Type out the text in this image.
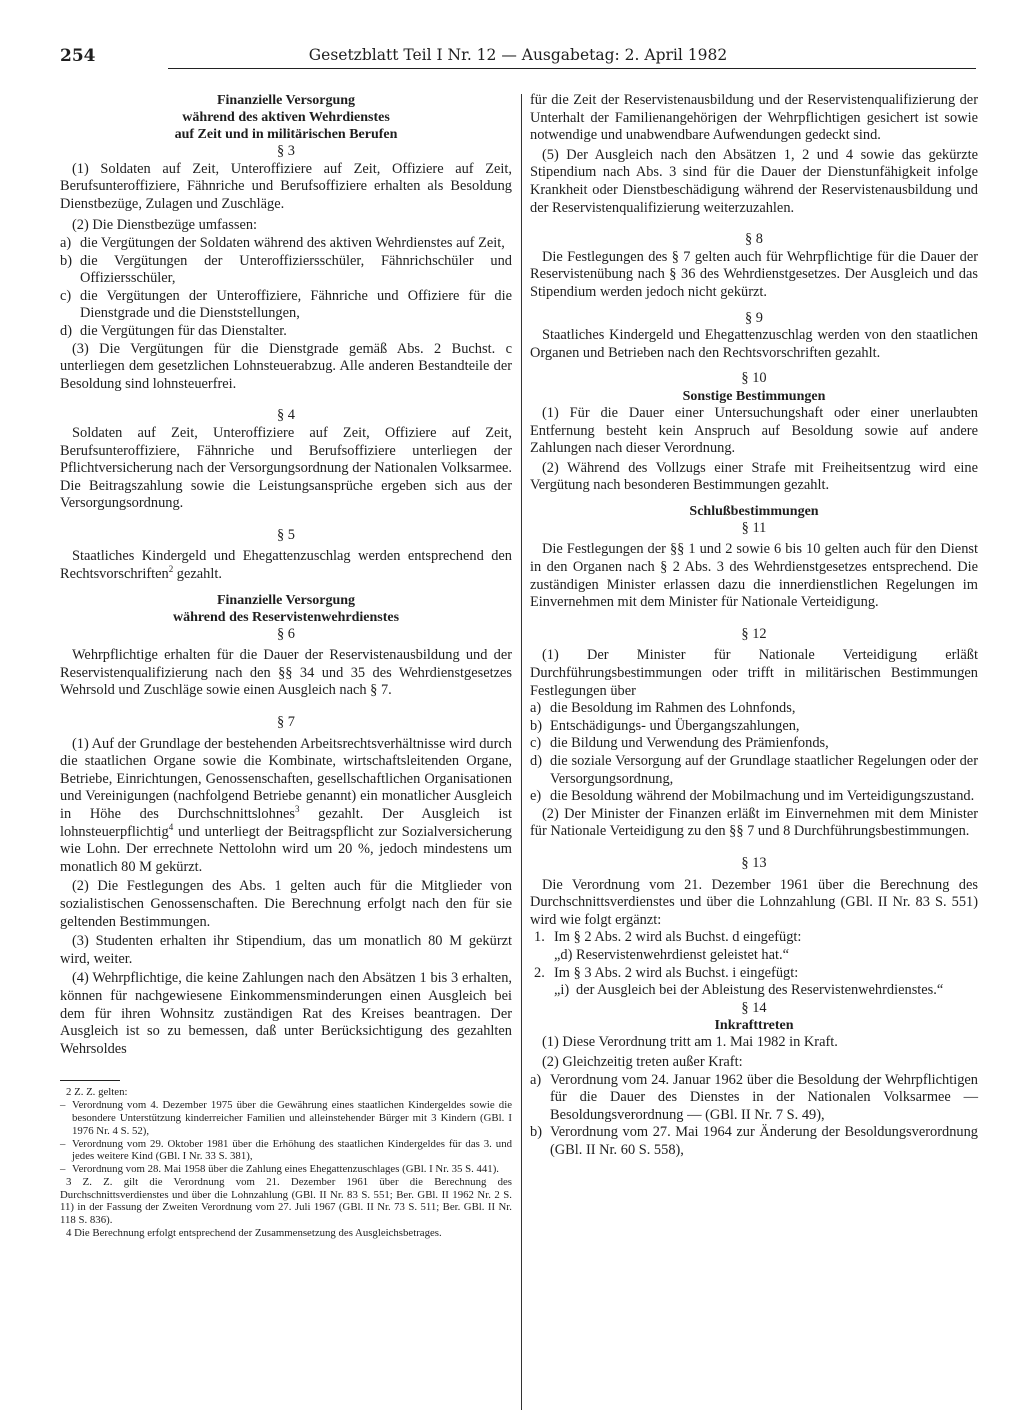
254	Gesetzblatt Teil I Nr. 12 — Ausgabetag: 2. April 1982
Finanzielle Versorgung
während des aktiven Wehrdienstes
auf Zeit und in militärischen Berufen
§ 3

(1) Soldaten auf Zeit, Unteroffiziere auf Zeit, Offiziere auf Zeit, Berufsunteroffiziere, Fähnriche und Berufsoffiziere erhalten als Besoldung Dienstbezüge, Zulagen und Zuschläge.

(2) Die Dienstbezüge umfassen:

a) die Vergütungen der Soldaten während des aktiven Wehrdienstes auf Zeit,
b) die Vergütungen der Unteroffiziersschüler, Fähnrichschüler und Offiziersschüler,
c) die Vergütungen der Unteroffiziere, Fähnriche und Offiziere für die Dienstgrade und die Dienststellungen,
d) die Vergütungen für das Dienstalter.

(3) Die Vergütungen für die Dienstgrade gemäß Abs. 2 Buchst. c unterliegen dem gesetzlichen Lohnsteuerabzug. Alle anderen Bestandteile der Besoldung sind lohnsteuerfrei.

§ 4

Soldaten auf Zeit, Unteroffiziere auf Zeit, Offiziere auf Zeit, Berufsunteroffiziere, Fähnriche und Berufsoffiziere unterliegen der Pflichtversicherung nach der Versorgungsordnung der Nationalen Volksarmee. Die Beitragszahlung sowie die Leistungsansprüche ergeben sich aus der Versorgungsordnung.

§ 5

Staatliches Kindergeld und Ehegattenzuschlag werden entsprechend den Rechtsvorschriften$^2$ gezahlt.

Finanzielle Versorgung
während des Reservistenwehrdienstes
§ 6

Wehrpflichtige erhalten für die Dauer der Reservistenausbildung und der Reservistenqualifizierung nach den §§ 34 und 35 des Wehrdienstgesetzes Wehrsold und Zuschläge sowie einen Ausgleich nach § 7.

§ 7

(1) Auf der Grundlage der bestehenden Arbeitsrechtsverhältnisse wird durch die staatlichen Organe sowie die Kombinate, wirtschaftsleitenden Organe, Betriebe, Einrichtungen, Genossenschaften, gesellschaftlichen Organisationen und Vereinigungen (nachfolgend Betriebe genannt) ein monatlicher Ausgleich in Höhe des Durchschnittslohnes$^3$ gezahlt. Der Ausgleich ist lohnsteuerpflichtig$^4$ und unterliegt der Beitragspflicht zur Sozialversicherung wie Lohn. Der errechnete Nettolohn wird um 20 %, jedoch mindestens um monatlich 80 M gekürzt.

(2) Die Festlegungen des Abs. 1 gelten auch für die Mitglieder von sozialistischen Genossenschaften. Die Berechnung erfolgt nach den für sie geltenden Bestimmungen.

(3) Studenten erhalten ihr Stipendium, das um monatlich 80 M gekürzt wird, weiter.

(4) Wehrpflichtige, die keine Zahlungen nach den Absätzen 1 bis 3 erhalten, können für nachgewiesene Einkommensminderungen einen Ausgleich bei dem für ihren Wohnsitz zuständigen Rat des Kreises beantragen. Der Ausgleich ist so zu bemessen, daß unter Berücksichtigung des gezahlten Wehrsoldes

2 Z. Z. gelten:
– Verordnung vom 4. Dezember 1975 über die Gewährung eines staatlichen Kindergeldes sowie die besondere Unterstützung kinderreicher Familien und alleinstehender Bürger mit 3 Kindern (GBl. I 1976 Nr. 4 S. 52),
– Verordnung vom 29. Oktober 1981 über die Erhöhung des staatlichen Kindergeldes für das 3. und jedes weitere Kind (GBl. I Nr. 33 S. 381),
– Verordnung vom 28. Mai 1958 über die Zahlung eines Ehegattenzuschlages (GBl. I Nr. 35 S. 441).

3 Z. Z. gilt die Verordnung vom 21. Dezember 1961 über die Berechnung des Durchschnittsverdienstes und über die Lohnzahlung (GBl. II Nr. 83 S. 551; Ber. GBl. II 1962 Nr. 2 S. 11) in der Fassung der Zweiten Verordnung vom 27. Juli 1967 (GBl. II Nr. 73 S. 511; Ber. GBl. II Nr. 118 S. 836).

4 Die Berechnung erfolgt entsprechend der Zusammensetzung des Ausgleichsbetrages.

für die Zeit der Reservistenausbildung und der Reservistenqualifizierung der Unterhalt der Familienangehörigen der Wehrpflichtigen gesichert ist sowie notwendige und unabwendbare Aufwendungen gedeckt sind.

(5) Der Ausgleich nach den Absätzen 1, 2 und 4 sowie das gekürzte Stipendium nach Abs. 3 sind für die Dauer der Dienstunfähigkeit infolge Krankheit oder Dienstbeschädigung während der Reservistenausbildung und der Reservistenqualifizierung weiterzuzahlen.

§ 8

Die Festlegungen des § 7 gelten auch für Wehrpflichtige für die Dauer der Reservistenübung nach § 36 des Wehrdienstgesetzes. Der Ausgleich und das Stipendium werden jedoch nicht gekürzt.

§ 9

Staatliches Kindergeld und Ehegattenzuschlag werden von den staatlichen Organen und Betrieben nach den Rechtsvorschriften gezahlt.

§ 10
Sonstige Bestimmungen

(1) Für die Dauer einer Untersuchungshaft oder einer unerlaubten Entfernung besteht kein Anspruch auf Besoldung sowie auf andere Zahlungen nach dieser Verordnung.

(2) Während des Vollzugs einer Strafe mit Freiheitsentzug wird eine Vergütung nach besonderen Bestimmungen gezahlt.

Schlußbestimmungen
§ 11

Die Festlegungen der §§ 1 und 2 sowie 6 bis 10 gelten auch für den Dienst in den Organen nach § 2 Abs. 3 des Wehrdienstgesetzes entsprechend. Die zuständigen Minister erlassen dazu die innerdienstlichen Regelungen im Einvernehmen mit dem Minister für Nationale Verteidigung.

§ 12

(1) Der Minister für Nationale Verteidigung erläßt Durchführungsbestimmungen oder trifft in militärischen Bestimmungen Festlegungen über

a) die Besoldung im Rahmen des Lohnfonds,
b) Entschädigungs- und Übergangszahlungen,
c) die Bildung und Verwendung des Prämienfonds,
d) die soziale Versorgung auf der Grundlage staatlicher Regelungen oder der Versorgungsordnung,
e) die Besoldung während der Mobilmachung und im Verteidigungszustand.

(2) Der Minister der Finanzen erläßt im Einvernehmen mit dem Minister für Nationale Verteidigung zu den §§ 7 und 8 Durchführungsbestimmungen.

§ 13

Die Verordnung vom 21. Dezember 1961 über die Berechnung des Durchschnittsverdienstes und über die Lohnzahlung (GBl. II Nr. 83 S. 551) wird wie folgt ergänzt:

1. Im § 2 Abs. 2 wird als Buchst. d eingefügt:
„d) Reservistenwehrdienst geleistet hat.“
2. Im § 3 Abs. 2 wird als Buchst. i eingefügt:
„i) der Ausgleich bei der Ableistung des Reservistenwehrdienstes.“
§ 14
Inkrafttreten

(1) Diese Verordnung tritt am 1. Mai 1982 in Kraft.

(2) Gleichzeitig treten außer Kraft:

a) Verordnung vom 24. Januar 1962 über die Besoldung der Wehrpflichtigen für die Dauer des Dienstes in der Nationalen Volksarmee — Besoldungsverordnung — (GBl. II Nr. 7 S. 49),
b) Verordnung vom 27. Mai 1964 zur Änderung der Besoldungsverordnung (GBl. II Nr. 60 S. 558),
